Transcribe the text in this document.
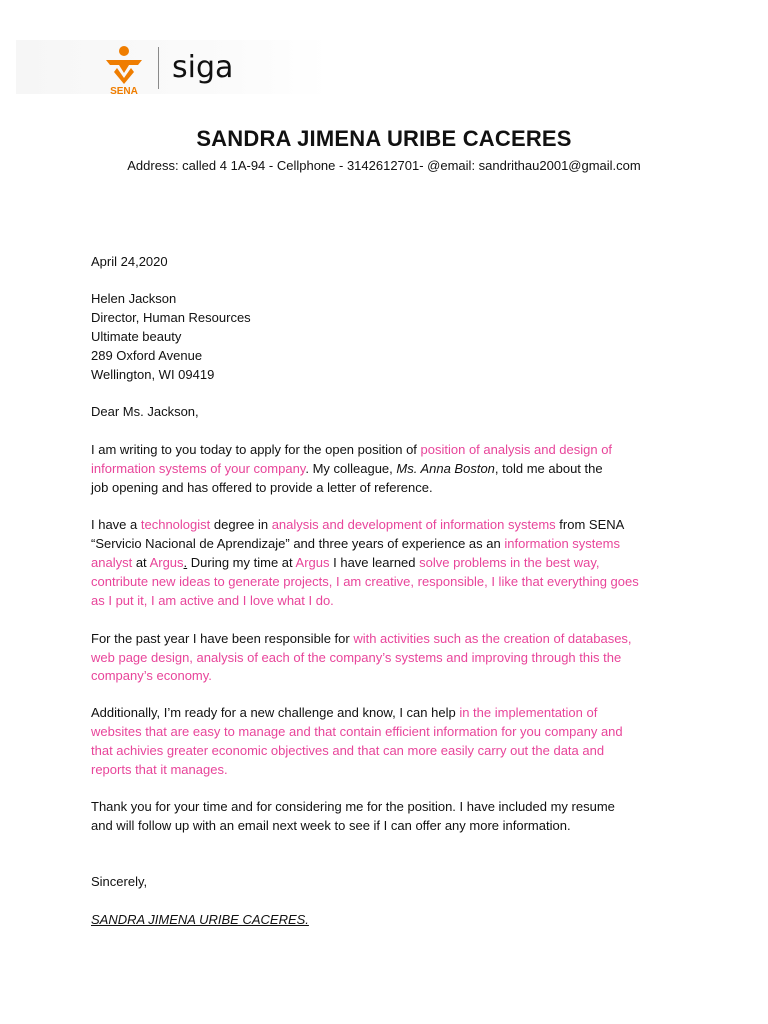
SENA
siga
SANDRA JIMENA URIBE CACERES
Address: called 4 1A-94 - Cellphone - 3142612701- @email: sandrithau2001@gmail.com
April 24,2020
Helen Jackson
Director, Human Resources
Ultimate beauty
289 Oxford Avenue
Wellington, WI 09419
Dear Ms. Jackson,
I am writing to you today to apply for the open position of position of analysis and design of
information systems of your company. My colleague, Ms. Anna Boston, told me about the
job opening and has offered to provide a letter of reference.
I have a technologist degree in analysis and development of information systems from SENA
“Servicio Nacional de Aprendizaje” and three years of experience as an information systems
analyst at Argus. During my time at Argus I have learned solve problems in the best way,
contribute new ideas to generate projects, I am creative, responsible, I like that everything goes
as I put it, I am active and I love what I do.
For the past year I have been responsible for with activities such as the creation of databases,
web page design, analysis of each of the company’s systems and improving through this the
company’s economy.
Additionally, I’m ready for a new challenge and know, I can help in the implementation of
websites that are easy to manage and that contain efficient information for you company and
that achivies greater economic objectives and that can more easily carry out the data and
reports that it manages.
Thank you for your time and for considering me for the position. I have included my resume
and will follow up with an email next week to see if I can offer any more information.
Sincerely,
SANDRA JIMENA URIBE CACERES.
